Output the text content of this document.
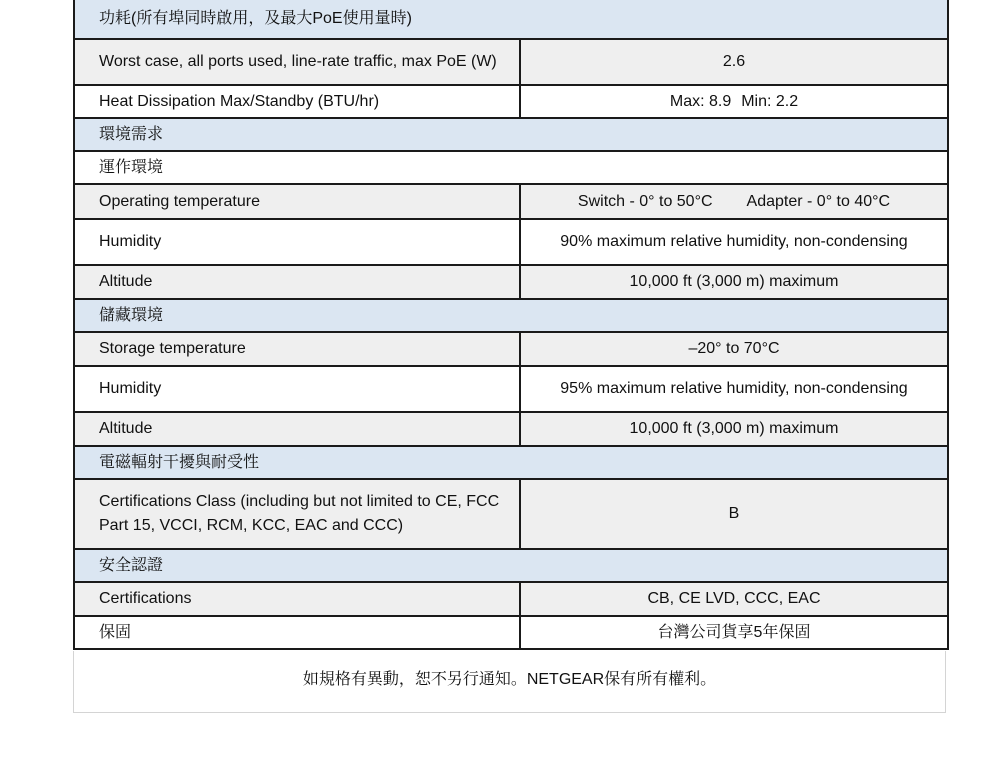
功耗(所有埠同時啟用，及最大PoE使用量時)	
Worst case, all ports used, line-rate traffic, max PoE (W)	2.6
Heat Dissipation Max/Standby (BTU/hr)	Max: 8.9 Min: 2.2
環境需求	
運作環境	
Operating temperature	Switch - 0° to 50°C Adapter - 0° to 40°C
Humidity	90% maximum relative humidity, non-condensing
Altitude	10,000 ft (3,000 m) maximum
儲藏環境	
Storage temperature	–20° to 70°C
Humidity	95% maximum relative humidity, non-condensing
Altitude	10,000 ft (3,000 m) maximum
電磁輻射干擾與耐受性	
Certifications Class (including but not limited to CE, FCC Part 15, VCCI, RCM, KCC, EAC and CCC)	B
安全認證	
Certifications	CB, CE LVD, CCC, EAC
保固	台灣公司貨享5年保固
如規格有異動，恕不另行通知。NETGEAR保有所有權利。
